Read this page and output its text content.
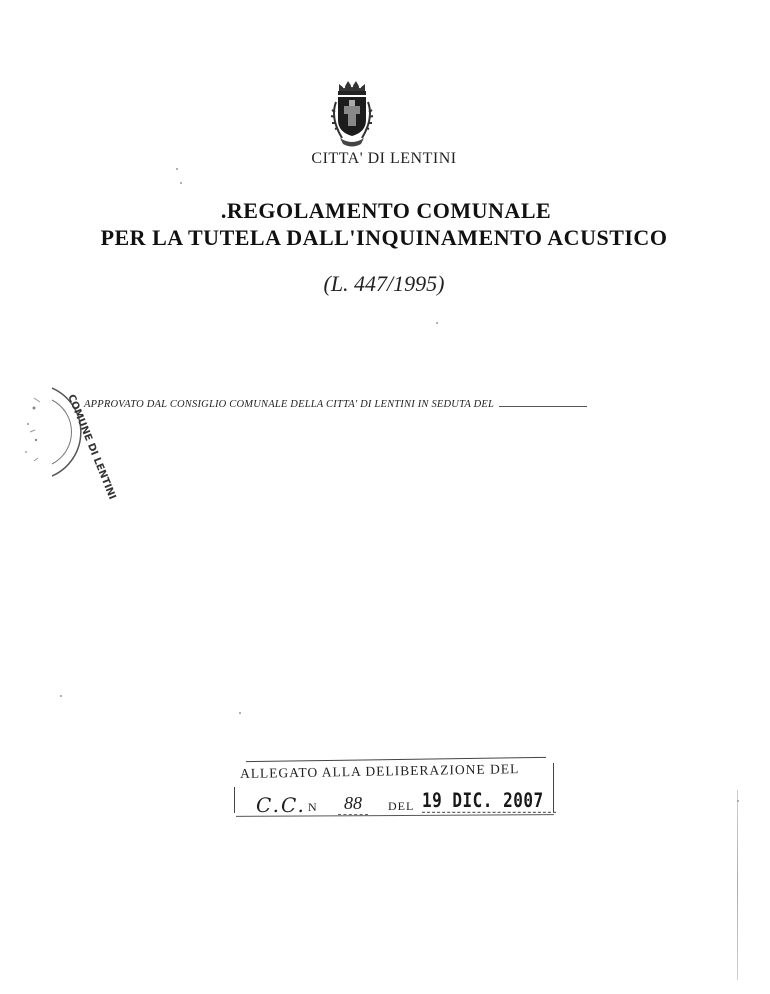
CITTA' DI LENTINI
.REGOLAMENTO COMUNALE
PER LA TUTELA DALL'INQUINAMENTO ACUSTICO
(L. 447/1995)
APPROVATO DAL CONSIGLIO COMUNALE DELLA CITTA' DI LENTINI IN SEDUTA DEL
COMUNE DI LENTINI
ALLEGATO ALLA DELIBERAZIONE DEL
C.C. N	88	DEL 19 DIC. 2007
